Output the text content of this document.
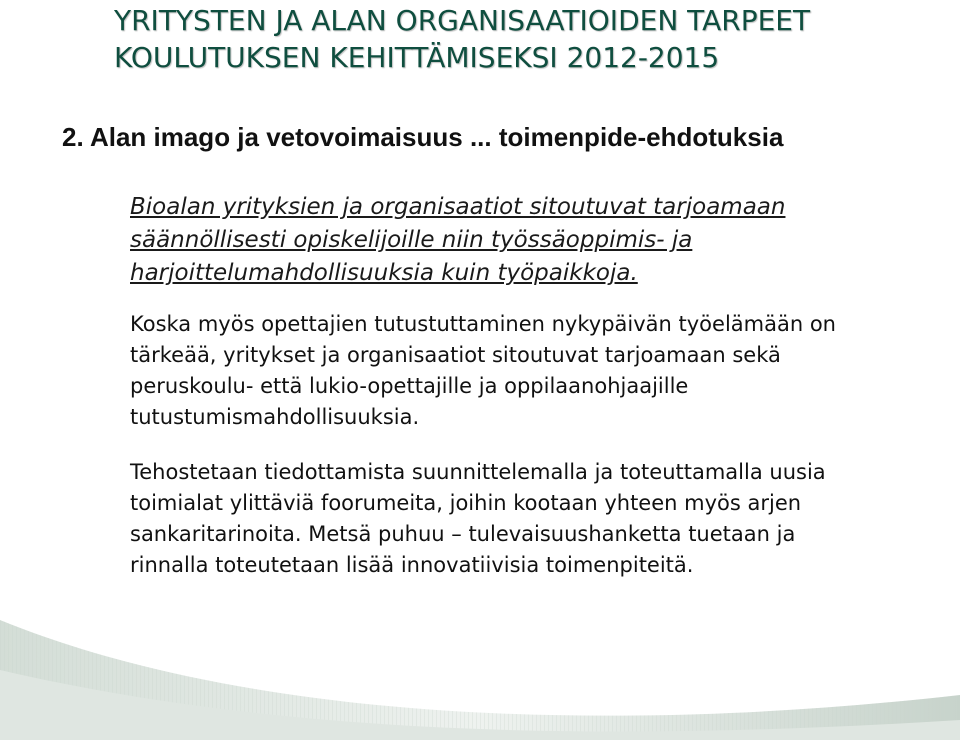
YRITYSTEN JA ALAN ORGANISAATIOIDEN TARPEET
KOULUTUKSEN KEHITTÄMISEKSI 2012-2015
2. Alan imago ja vetovoimaisuus ... toimenpide-ehdotuksia

Bioalan yrityksien ja organisaatiot sitoutuvat tarjoamaan
säännöllisesti opiskelijoille niin työssäoppimis- ja
harjoittelumahdollisuuksia kuin työpaikkoja.

Koska myös opettajien tutustuttaminen nykypäivän työelämään on
tärkeää, yritykset ja organisaatiot sitoutuvat tarjoamaan sekä
peruskoulu- että lukio-opettajille ja oppilaanohjaajille
tutustumismahdollisuuksia.

Tehostetaan tiedottamista suunnittelemalla ja toteuttamalla uusia
toimialat ylittäviä foorumeita, joihin kootaan yhteen myös arjen
sankaritarinoita. Metsä puhuu – tulevaisuushanketta tuetaan ja
rinnalla toteutetaan lisää innovatiivisia toimenpiteitä.
